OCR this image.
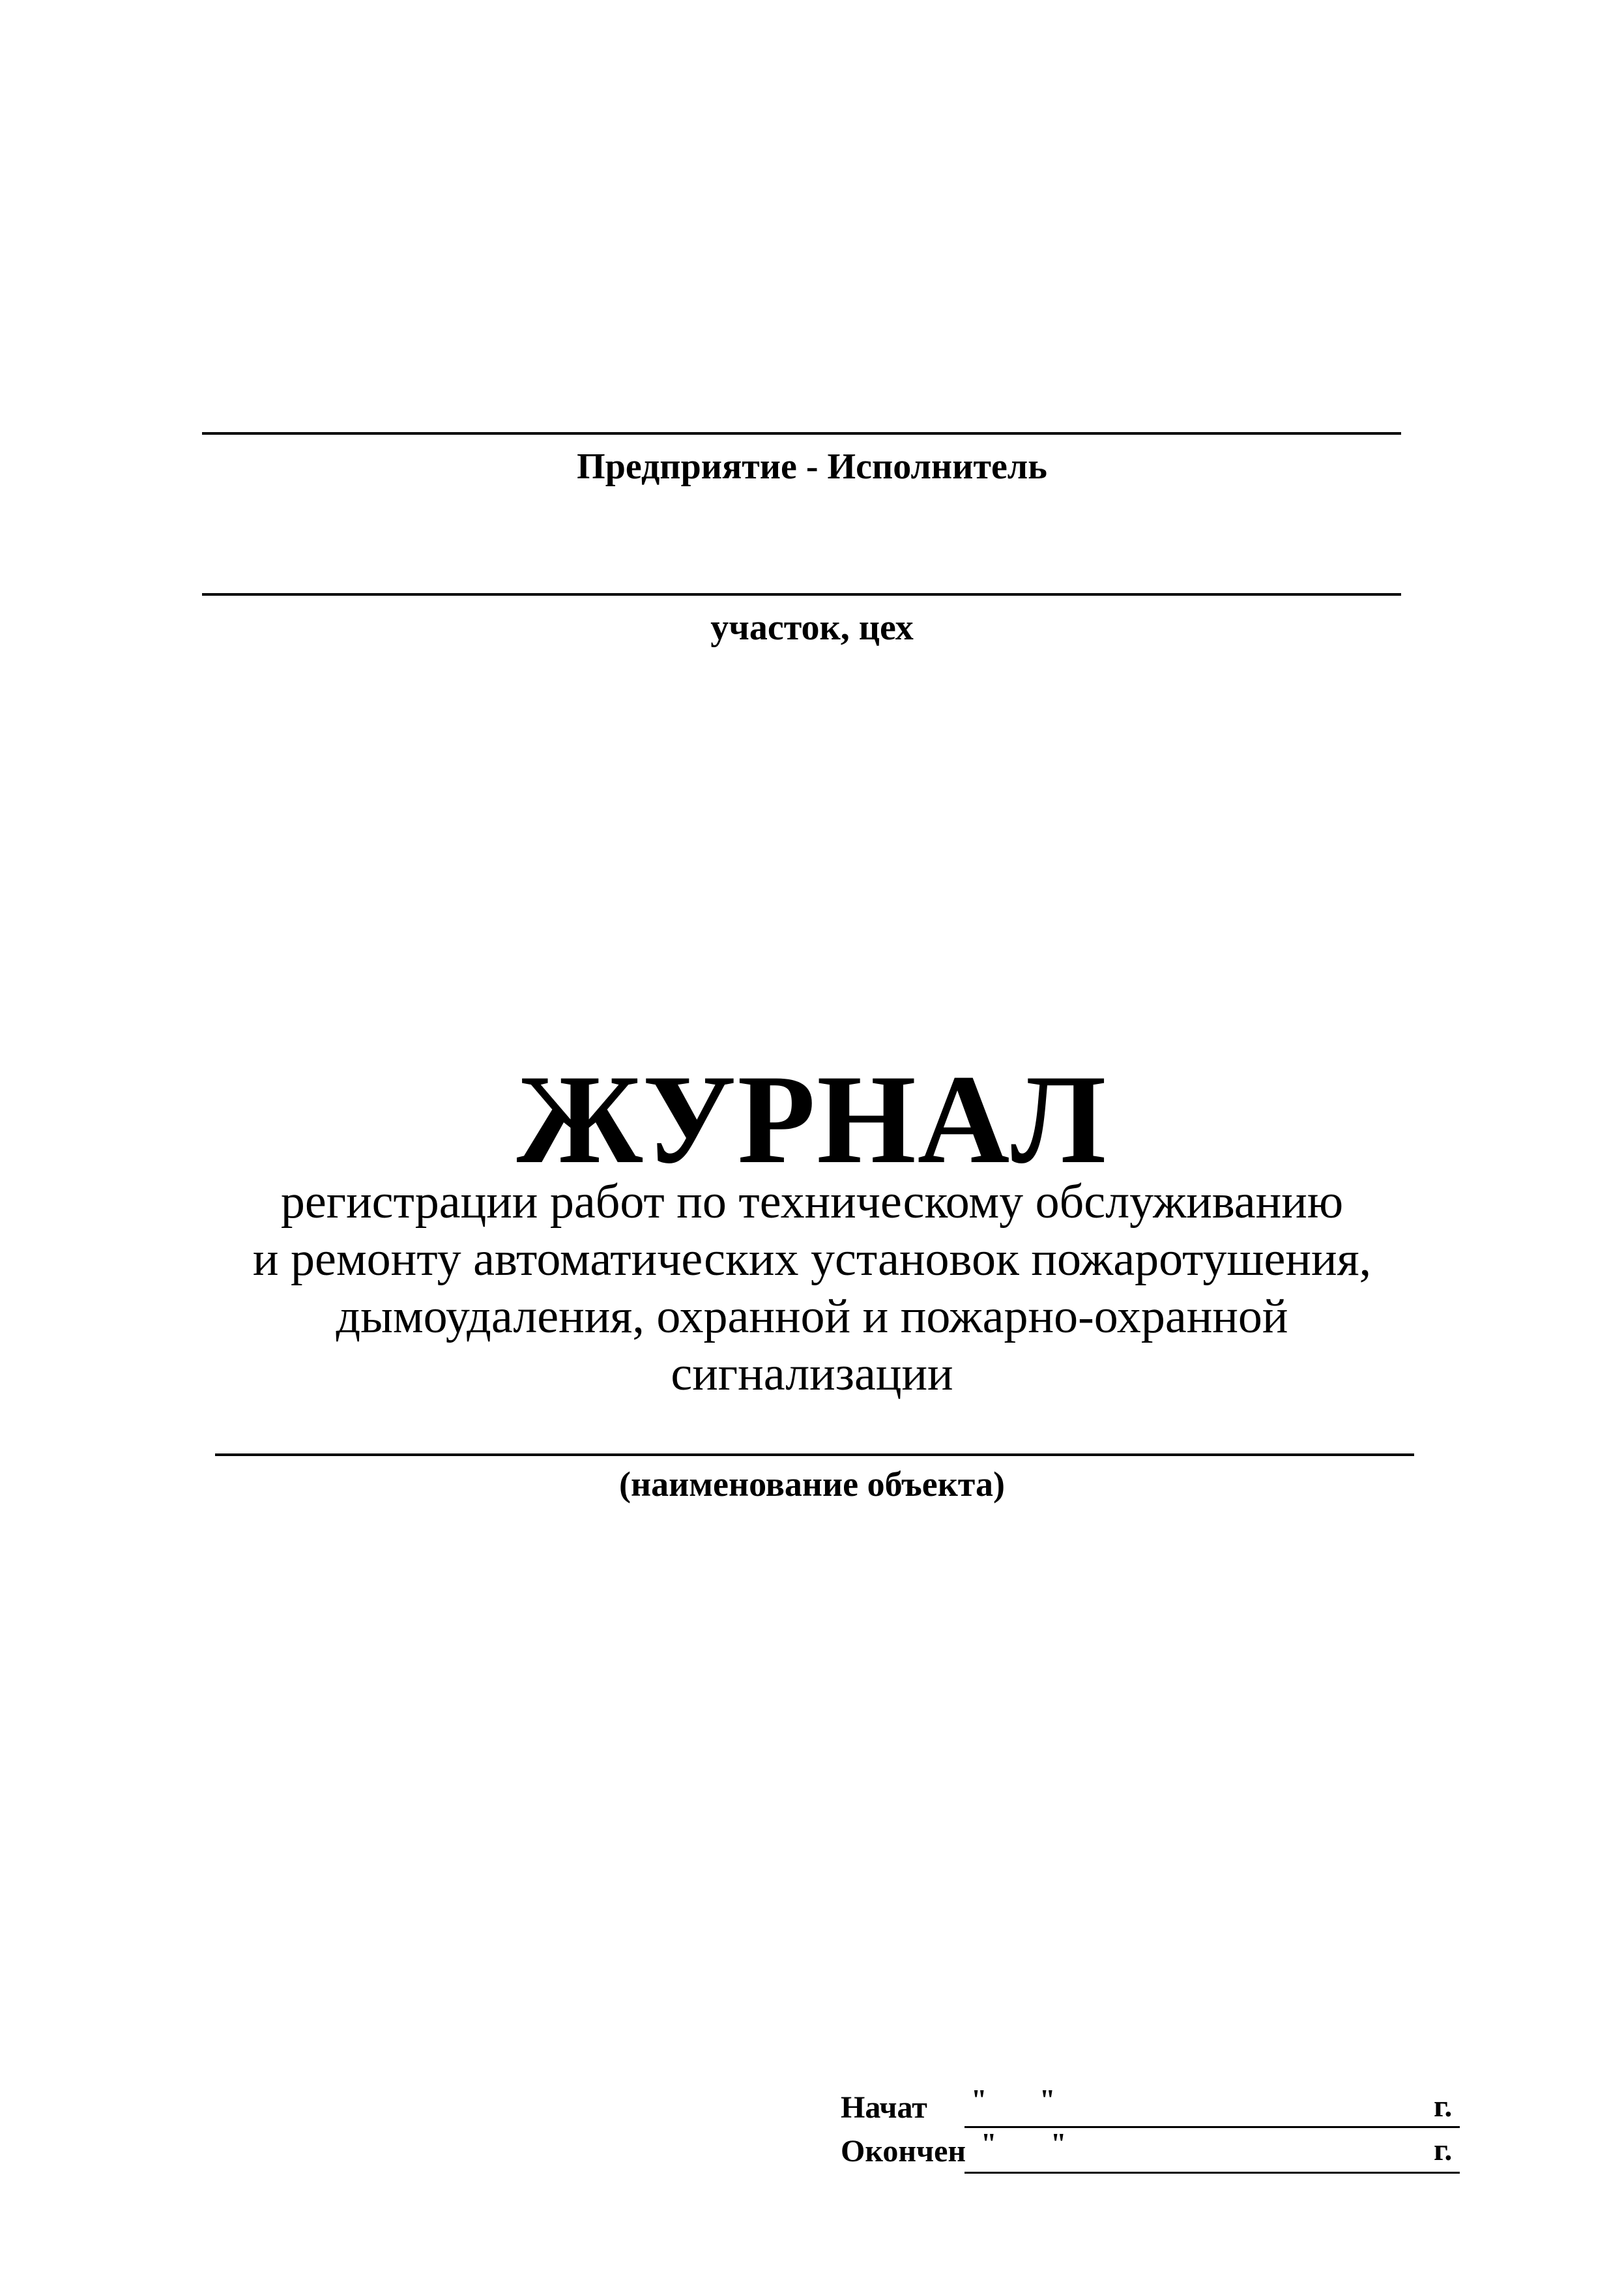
Предприятие - Исполнитель
участок, цех
ЖУРНАЛ
регистрации работ по техническому обслуживанию
и ремонту автоматических установок пожаротушения,
дымоудаления, охранной и пожарно-охранной
сигнализации
(наименование объекта)
Начат " "	г.
Окончен " "	г.
